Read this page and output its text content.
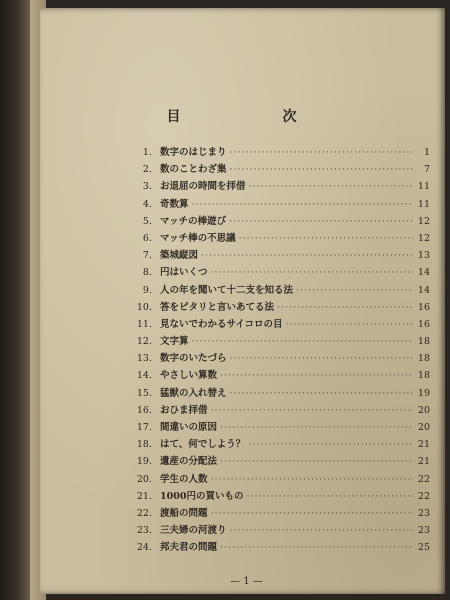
目　次
1. 数字のはじまり ·····	1
2. 数のことわざ集 ·····	7
3. お退屈の時間を拝借 ·····	11
4. 奇数算 ·····	11
5. マッチの棒遊び ·····	12
6. マッチ棒の不思議 ·····	12
7. 築城縦図 ·····	13
8. 円はいくつ ·····	14
9. 人の年を聞いて十二支を知る法 ·····	14
10. 答をピタリと言いあてる法 ·····	16
11. 見ないでわかるサイコロの目 ·····	16
12. 文字算 ·····	18
13. 数字のいたづら ·····	18
14. やさしい算数 ·····	18
15. 猛獣の入れ替え ·····	19
16. おひま拝借 ·····	20
17. 間違いの原因 ·····	20
18. はて、何でしよう？ ·····	21
19. 遺産の分配法 ·····	21
20. 学生の人数 ·····	22
21. 1000円の買いもの ·····	22
22. 渡船の問題 ·····	23
23. 三夫婦の河渡り ·····	23
24. 邦夫君の問題 ·····	25
— 1 —
